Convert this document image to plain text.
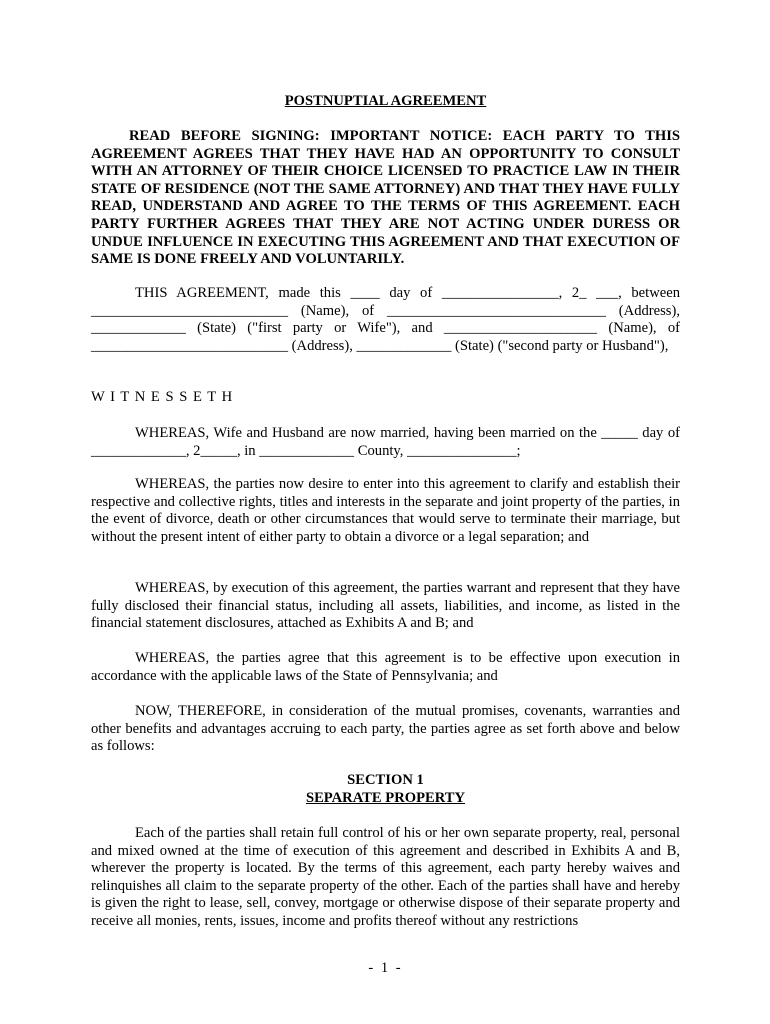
POSTNUPTIAL AGREEMENT

READ BEFORE SIGNING: IMPORTANT NOTICE: EACH PARTY TO THIS AGREEMENT AGREES THAT THEY HAVE HAD AN OPPORTUNITY TO CONSULT WITH AN ATTORNEY OF THEIR CHOICE LICENSED TO PRACTICE LAW IN THEIR STATE OF RESIDENCE (NOT THE SAME ATTORNEY) AND THAT THEY HAVE FULLY READ, UNDERSTAND AND AGREE TO THE TERMS OF THIS AGREEMENT. EACH PARTY FURTHER AGREES THAT THEY ARE NOT ACTING UNDER DURESS OR UNDUE INFLUENCE IN EXECUTING THIS AGREEMENT AND THAT EXECUTION OF SAME IS DONE FREELY AND VOLUNTARILY.

THIS AGREEMENT, made this ____ day of ________________, 2_ ___, between ___________________________ (Name), of ______________________________ (Address), _____________ (State) ("first party or Wife"), and _____________________ (Name), of ___________________________ (Address), _____________ (State) ("second party or Husband"),

W I T N E S S E T H

WHEREAS, Wife and Husband are now married, having been married on the _____ day of _____________, 2_____, in _____________ County, _______________;

WHEREAS, the parties now desire to enter into this agreement to clarify and establish their respective and collective rights, titles and interests in the separate and joint property of the parties, in the event of divorce, death or other circumstances that would serve to terminate their marriage, but without the present intent of either party to obtain a divorce or a legal separation; and

WHEREAS, by execution of this agreement, the parties warrant and represent that they have fully disclosed their financial status, including all assets, liabilities, and income, as listed in the financial statement disclosures, attached as Exhibits A and B; and

WHEREAS, the parties agree that this agreement is to be effective upon execution in accordance with the applicable laws of the State of Pennsylvania; and

NOW, THEREFORE, in consideration of the mutual promises, covenants, warranties and other benefits and advantages accruing to each party, the parties agree as set forth above and below as follows:

SECTION 1
SEPARATE PROPERTY

Each of the parties shall retain full control of his or her own separate property, real, personal and mixed owned at the time of execution of this agreement and described in Exhibits A and B, wherever the property is located. By the terms of this agreement, each party hereby waives and relinquishes all claim to the separate property of the other. Each of the parties shall have and hereby is given the right to lease, sell, convey, mortgage or otherwise dispose of their separate property and receive all monies, rents, issues, income and profits thereof without any restrictions

- 1 -
